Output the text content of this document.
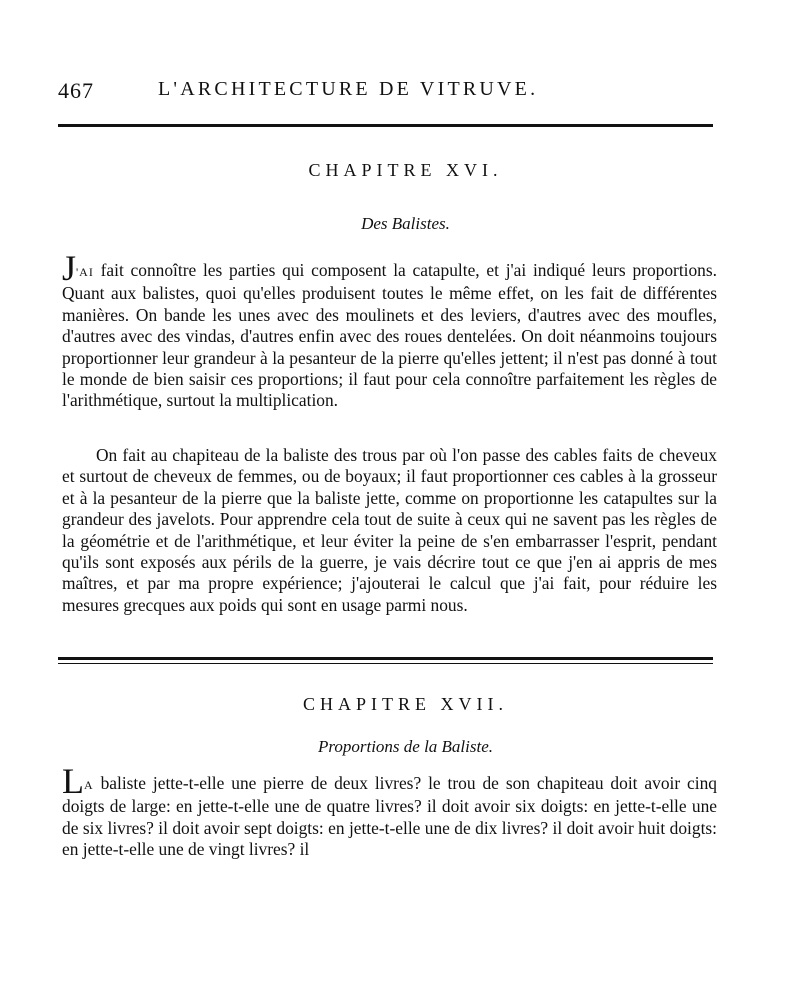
467	L'ARCHITECTURE DE VITRUVE.
CHAPITRE XVI.
Des Balistes.

J'AI fait connoître les parties qui composent la catapulte, et j'ai indiqué leurs proportions. Quant aux balistes, quoi qu'elles produisent toutes le même effet, on les fait de différentes manières. On bande les unes avec des moulinets et des leviers, d'autres avec des moufles, d'autres avec des vindas, d'autres enfin avec des roues dentelées. On doit néanmoins toujours proportionner leur grandeur à la pesanteur de la pierre qu'elles jettent; il n'est pas donné à tout le monde de bien saisir ces proportions; il faut pour cela connoître parfaitement les règles de l'arithmétique, surtout la multiplication.

On fait au chapiteau de la baliste des trous par où l'on passe des cables faits de cheveux et surtout de cheveux de femmes, ou de boyaux; il faut proportionner ces cables à la grosseur et à la pesanteur de la pierre que la baliste jette, comme on proportionne les catapultes sur la grandeur des javelots. Pour apprendre cela tout de suite à ceux qui ne savent pas les règles de la géométrie et de l'arithmétique, et leur éviter la peine de s'en embarrasser l'esprit, pendant qu'ils sont exposés aux périls de la guerre, je vais décrire tout ce que j'en ai appris de mes maîtres, et par ma propre expérience; j'ajouterai le calcul que j'ai fait, pour réduire les mesures grecques aux poids qui sont en usage parmi nous.

CHAPITRE XVII.
Proportions de la Baliste.

LA baliste jette-t-elle une pierre de deux livres? le trou de son chapiteau doit avoir cinq doigts de large: en jette-t-elle une de quatre livres? il doit avoir six doigts: en jette-t-elle une de six livres? il doit avoir sept doigts: en jette-t-elle une de dix livres? il doit avoir huit doigts: en jette-t-elle une de vingt livres? il
